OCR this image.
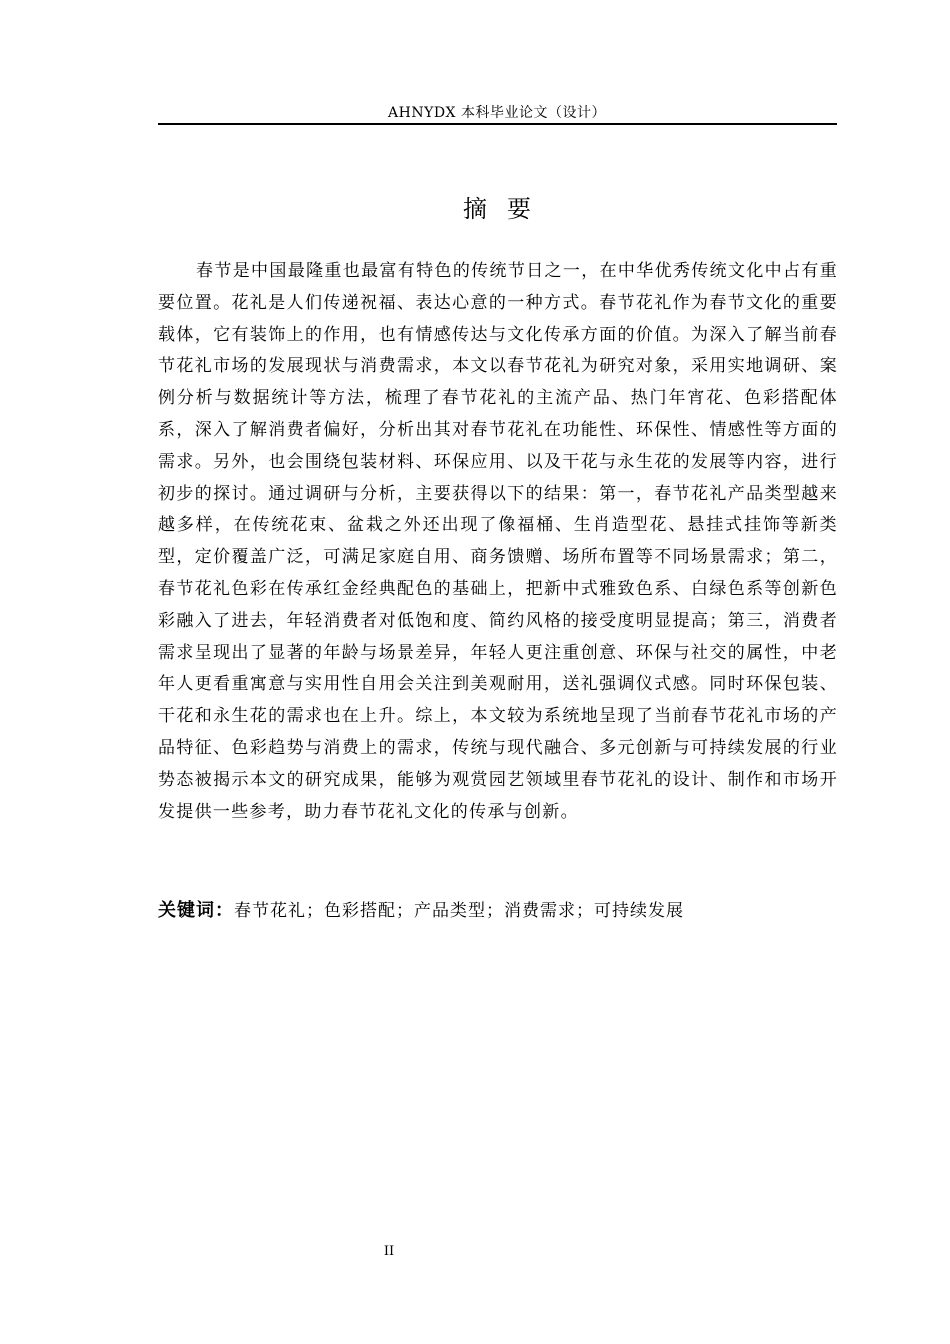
AHNYDX 本科毕业论文（设计）
摘要

春节是中国最隆重也最富有特色的传统节日之一，在中华优秀传统文化中占有重要位置。花礼是人们传递祝福、表达心意的一种方式。春节花礼作为春节文化的重要载体，它有装饰上的作用，也有情感传达与文化传承方面的价值。为深入了解当前春节花礼市场的发展现状与消费需求，本文以春节花礼为研究对象，采用实地调研、案例分析与数据统计等方法，梳理了春节花礼的主流产品、热门年宵花、色彩搭配体系，深入了解消费者偏好，分析出其对春节花礼在功能性、环保性、情感性等方面的需求。另外，也会围绕包装材料、环保应用、以及干花与永生花的发展等内容，进行初步的探讨。通过调研与分析，主要获得以下的结果：第一，春节花礼产品类型越来越多样，在传统花束、盆栽之外还出现了像福桶、生肖造型花、悬挂式挂饰等新类型，定价覆盖广泛，可满足家庭自用、商务馈赠、场所布置等不同场景需求；第二，春节花礼色彩在传承红金经典配色的基础上，把新中式雅致色系、白绿色系等创新色彩融入了进去，年轻消费者对低饱和度、简约风格的接受度明显提高；第三，消费者需求呈现出了显著的年龄与场景差异，年轻人更注重创意、环保与社交的属性，中老年人更看重寓意与实用性自用会关注到美观耐用，送礼强调仪式感。同时环保包装、干花和永生花的需求也在上升。综上，本文较为系统地呈现了当前春节花礼市场的产品特征、色彩趋势与消费上的需求，传统与现代融合、多元创新与可持续发展的行业势态被揭示本文的研究成果，能够为观赏园艺领域里春节花礼的设计、制作和市场开发提供一些参考，助力春节花礼文化的传承与创新。

关键词：春节花礼；色彩搭配；产品类型；消费需求；可持续发展
II
